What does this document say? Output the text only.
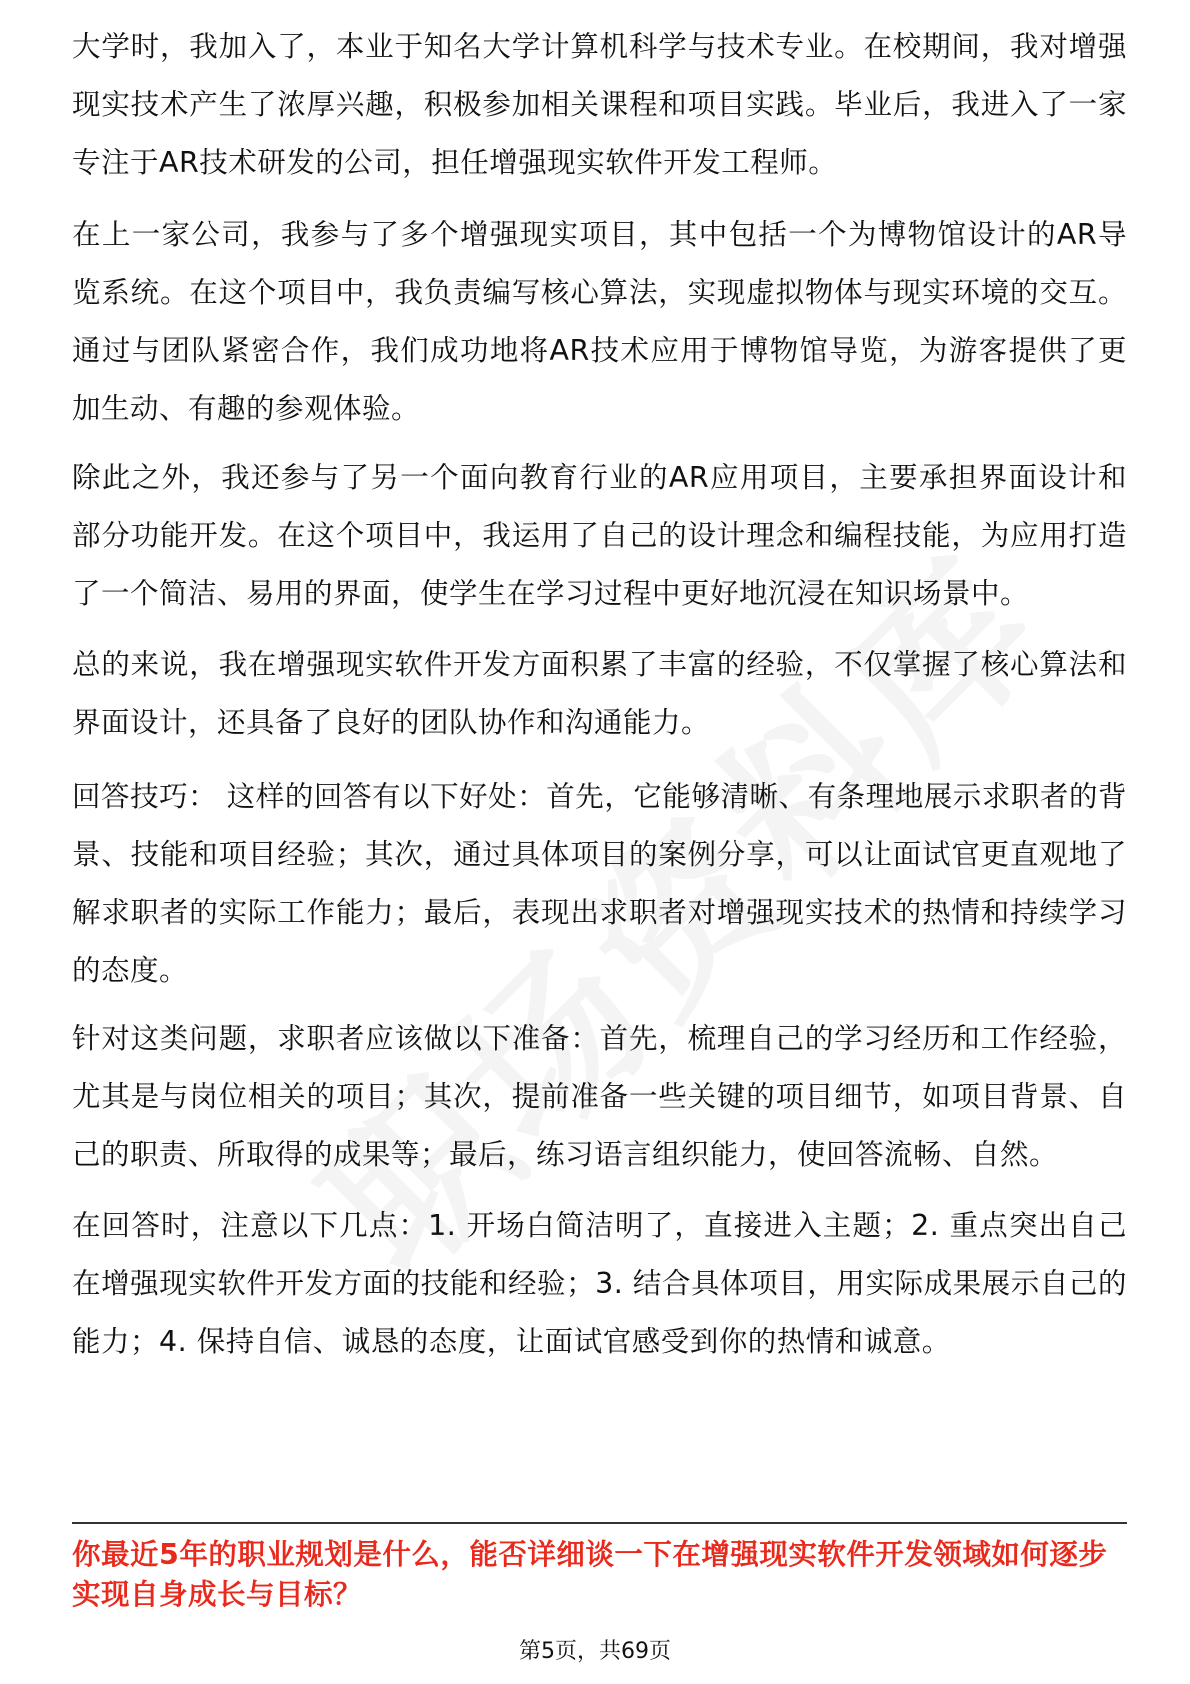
大学时，我加入了，本业于知名大学计算机科学与技术专业。在校期间，我对增强现实技术产生了浓厚兴趣，积极参加相关课程和项目实践。毕业后，我进入了一家专注于AR技术研发的公司，担任增强现实软件开发工程师。

在上一家公司，我参与了多个增强现实项目，其中包括一个为博物馆设计的AR导览系统。在这个项目中，我负责编写核心算法，实现虚拟物体与现实环境的交互。通过与团队紧密合作，我们成功地将AR技术应用于博物馆导览，为游客提供了更加生动、有趣的参观体验。

除此之外，我还参与了另一个面向教育行业的AR应用项目，主要承担界面设计和部分功能开发。在这个项目中，我运用了自己的设计理念和编程技能，为应用打造了一个简洁、易用的界面，使学生在学习过程中更好地沉浸在知识场景中。

总的来说，我在增强现实软件开发方面积累了丰富的经验，不仅掌握了核心算法和界面设计，还具备了良好的团队协作和沟通能力。

回答技巧： 这样的回答有以下好处：首先，它能够清晰、有条理地展示求职者的背景、技能和项目经验；其次，通过具体项目的案例分享，可以让面试官更直观地了解求职者的实际工作能力；最后，表现出求职者对增强现实技术的热情和持续学习的态度。

针对这类问题，求职者应该做以下准备：首先，梳理自己的学习经历和工作经验，尤其是与岗位相关的项目；其次，提前准备一些关键的项目细节，如项目背景、自己的职责、所取得的成果等；最后，练习语言组织能力，使回答流畅、自然。

在回答时，注意以下几点：1. 开场白简洁明了，直接进入主题；2. 重点突出自己在增强现实软件开发方面的技能和经验；3. 结合具体项目，用实际成果展示自己的能力；4. 保持自信、诚恳的态度，让面试官感受到你的热情和诚意。

你最近5年的职业规划是什么，能否详细谈一下在增强现实软件开发领域如何逐步实现自身成长与目标？

第5页，共69页
